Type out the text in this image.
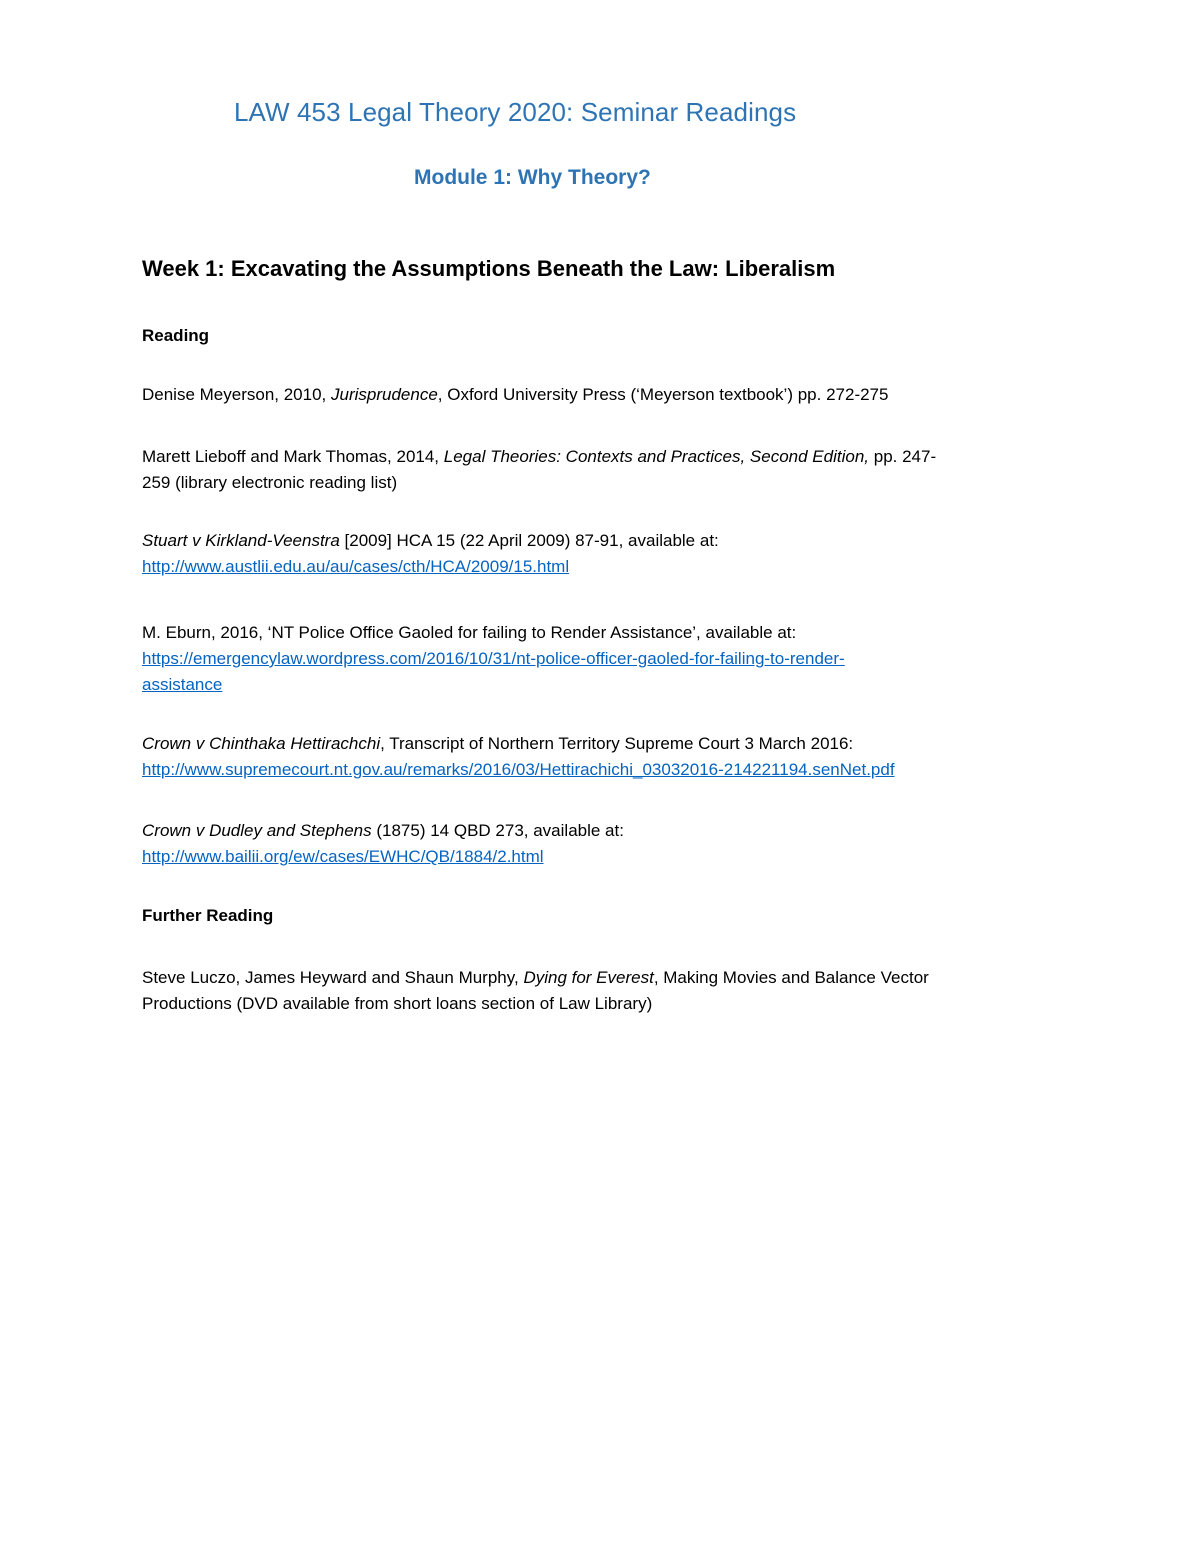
LAW 453 Legal Theory 2020: Seminar Readings
Module 1: Why Theory?
Week 1: Excavating the Assumptions Beneath the Law: Liberalism
Reading
Denise Meyerson, 2010, Jurisprudence, Oxford University Press (‘Meyerson textbook’) pp. 272-275
Marett Lieboff and Mark Thomas, 2014, Legal Theories: Contexts and Practices, Second Edition, pp. 247-
259 (library electronic reading list)
Stuart v Kirkland-Veenstra [2009] HCA 15 (22 April 2009) 87-91, available at:
http://www.austlii.edu.au/au/cases/cth/HCA/2009/15.html
M. Eburn, 2016, ‘NT Police Office Gaoled for failing to Render Assistance’, available at:
https://emergencylaw.wordpress.com/2016/10/31/nt-police-officer-gaoled-for-failing-to-render-
assistance
Crown v Chinthaka Hettirachchi, Transcript of Northern Territory Supreme Court 3 March 2016:
http://www.supremecourt.nt.gov.au/remarks/2016/03/Hettirachichi_03032016-214221194.senNet.pdf
Crown v Dudley and Stephens (1875) 14 QBD 273, available at:
http://www.bailii.org/ew/cases/EWHC/QB/1884/2.html
Further Reading
Steve Luczo, James Heyward and Shaun Murphy, Dying for Everest, Making Movies and Balance Vector
Productions (DVD available from short loans section of Law Library)
